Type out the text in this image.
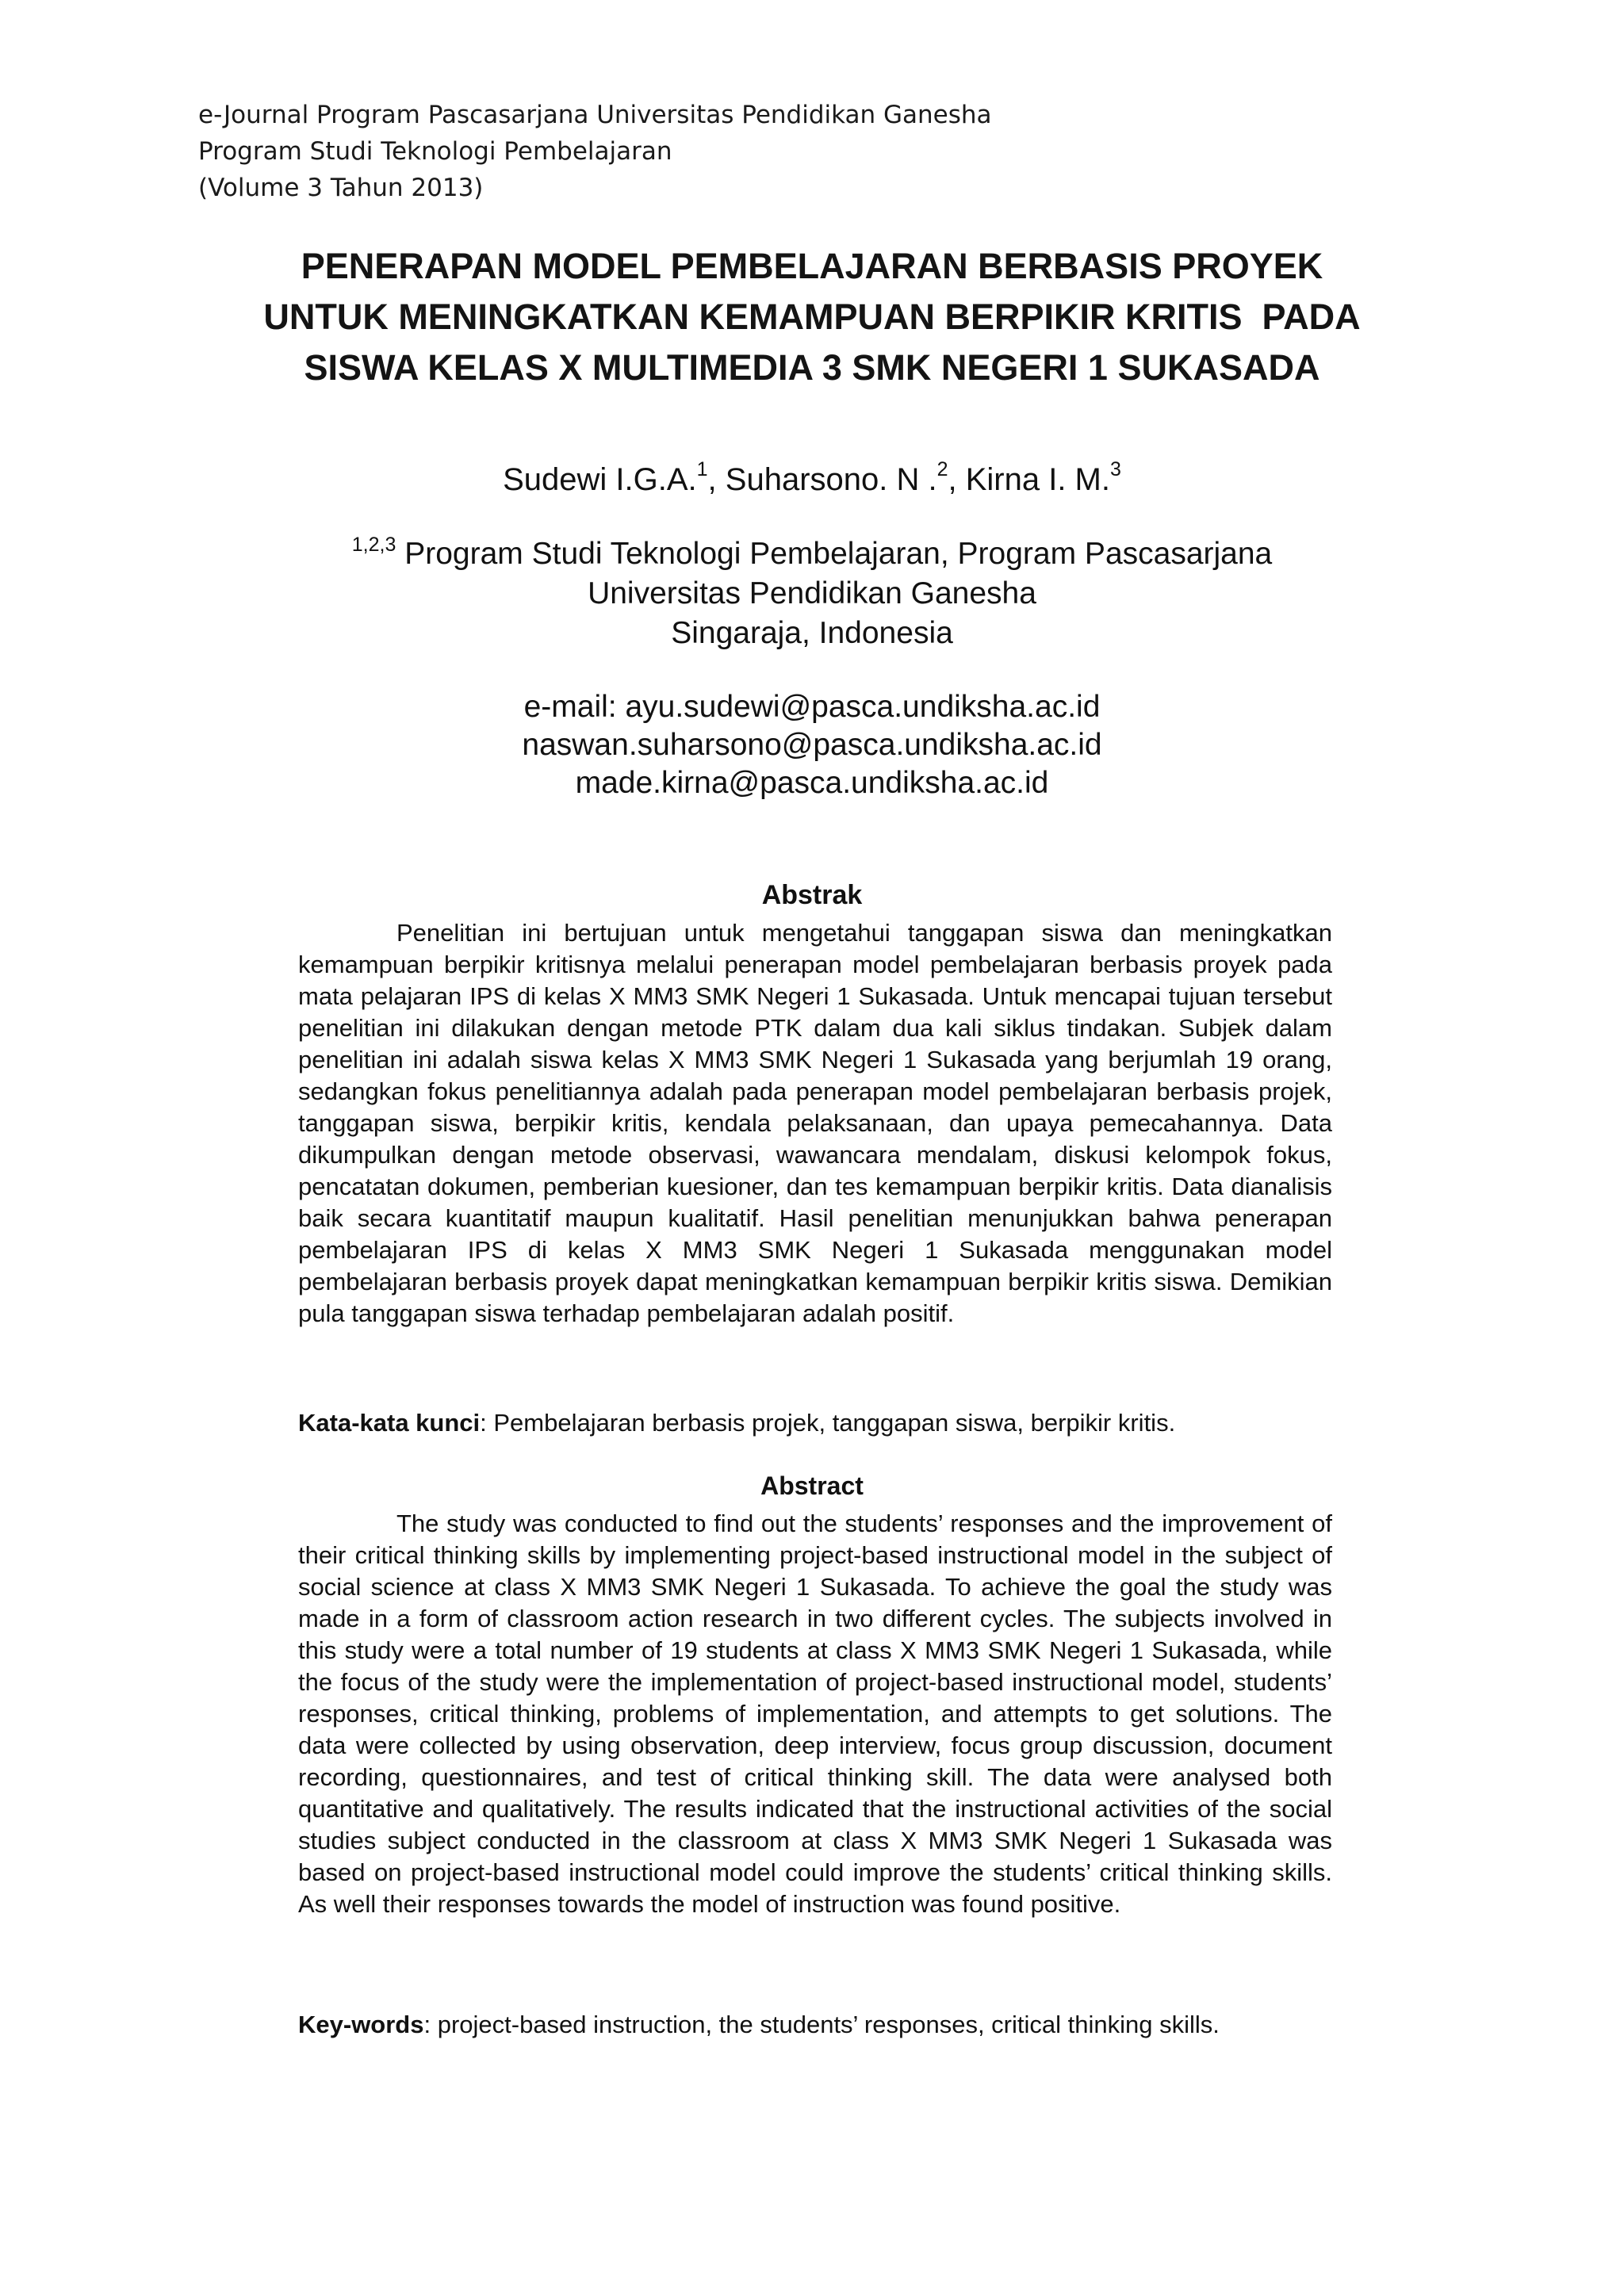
e-Journal Program Pascasarjana Universitas Pendidikan Ganesha
Program Studi Teknologi Pembelajaran
(Volume 3 Tahun 2013)
PENERAPAN MODEL PEMBELAJARAN BERBASIS PROYEK
UNTUK MENINGKATKAN KEMAMPUAN BERPIKIR KRITIS  PADA
SISWA KELAS X MULTIMEDIA 3 SMK NEGERI 1 SUKASADA
Sudewi I.G.A.$^1$, Suharsono. N .$^2$, Kirna I. M.$^3$
$^{1,2,3}$ Program Studi Teknologi Pembelajaran, Program Pascasarjana
Universitas Pendidikan Ganesha
Singaraja, Indonesia
e-mail: ayu.sudewi@pasca.undiksha.ac.id
naswan.suharsono@pasca.undiksha.ac.id
made.kirna@pasca.undiksha.ac.id
Abstrak

Penelitian ini bertujuan untuk mengetahui tanggapan siswa dan meningkatkan kemampuan berpikir kritisnya melalui penerapan model pembelajaran berbasis proyek pada mata pelajaran IPS di kelas X MM3 SMK Negeri 1 Sukasada. Untuk mencapai tujuan tersebut penelitian ini dilakukan dengan metode PTK dalam dua kali siklus tindakan. Subjek dalam penelitian ini adalah siswa kelas X MM3 SMK Negeri 1 Sukasada yang berjumlah 19 orang, sedangkan fokus penelitiannya adalah pada penerapan model pembelajaran berbasis projek, tanggapan siswa, berpikir kritis, kendala pelaksanaan, dan upaya pemecahannya. Data dikumpulkan dengan metode observasi, wawancara mendalam, diskusi kelompok fokus, pencatatan dokumen, pemberian kuesioner, dan tes kemampuan berpikir kritis. Data dianalisis baik secara kuantitatif maupun kualitatif. Hasil penelitian menunjukkan bahwa penerapan pembelajaran IPS di kelas X MM3 SMK Negeri 1 Sukasada menggunakan model pembelajaran berbasis proyek dapat meningkatkan kemampuan berpikir kritis siswa. Demikian pula tanggapan siswa terhadap pembelajaran adalah positif.

Kata-kata kunci: Pembelajaran berbasis projek, tanggapan siswa, berpikir kritis.
Abstract

The study was conducted to find out the students’ responses and the improvement of their critical thinking skills by implementing project-based instructional model in the subject of social science at class X MM3 SMK Negeri 1 Sukasada. To achieve the goal the study was made in a form of classroom action research in two different cycles. The subjects involved in this study were a total number of 19 students at class X MM3 SMK Negeri 1 Sukasada, while the focus of the study were the implementation of project-based instructional model, students’ responses, critical thinking, problems of implementation, and attempts to get solutions. The data were collected by using observation, deep interview, focus group discussion, document recording, questionnaires, and test of critical thinking skill. The data were analysed both quantitative and qualitatively. The results indicated that the instructional activities of the social studies subject conducted in the classroom at class X MM3 SMK Negeri 1 Sukasada was based on project-based instructional model could improve the students’ critical thinking skills. As well their responses towards the model of instruction was found positive.

Key-words: project-based instruction, the students’ responses, critical thinking skills.
